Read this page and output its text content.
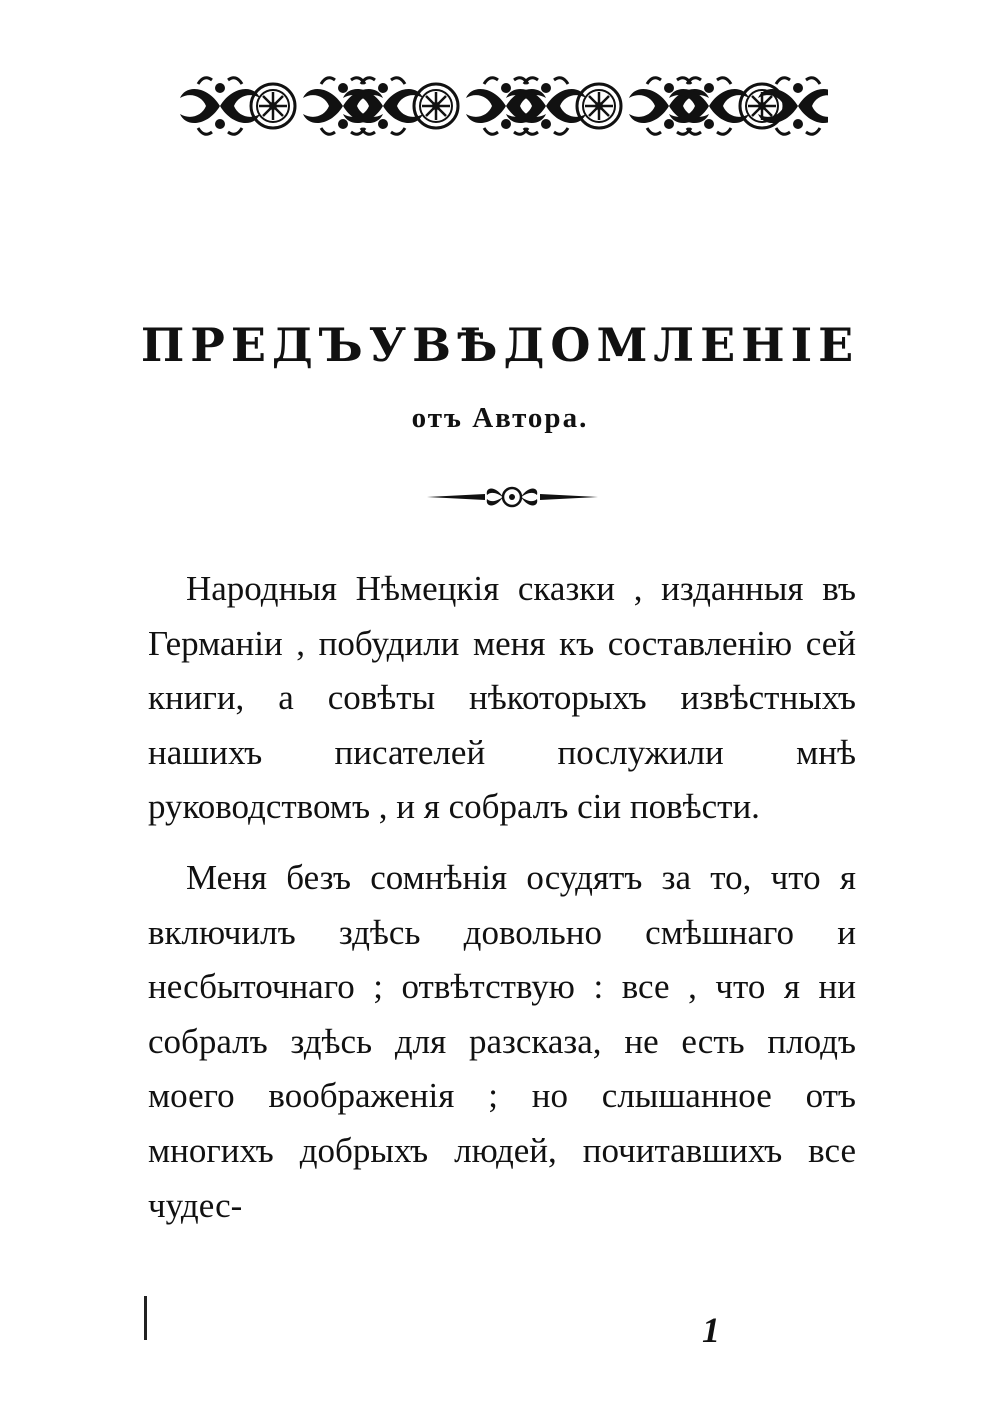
ПРЕДЪУВѢДОМЛЕНІЕ
отъ Автора.

Народныя Нѣмецкія сказки , изданныя въ Германіи , побудили меня къ составленію сей книги, а совѣты нѣкоторыхъ извѣстныхъ нашихъ писателей послужили мнѣ руководствомъ , и я собралъ сіи повѣсти.

Меня безъ сомнѣнія осудятъ за то, что я включилъ здѣсь довольно смѣшнаго и несбыточнаго ; отвѣтствую : все , что я ни собралъ здѣсь для разсказа, не есть плодъ моего воображенія ; но слышанное отъ многихъ добрыхъ людей, почитавшихъ все чудес-

1
